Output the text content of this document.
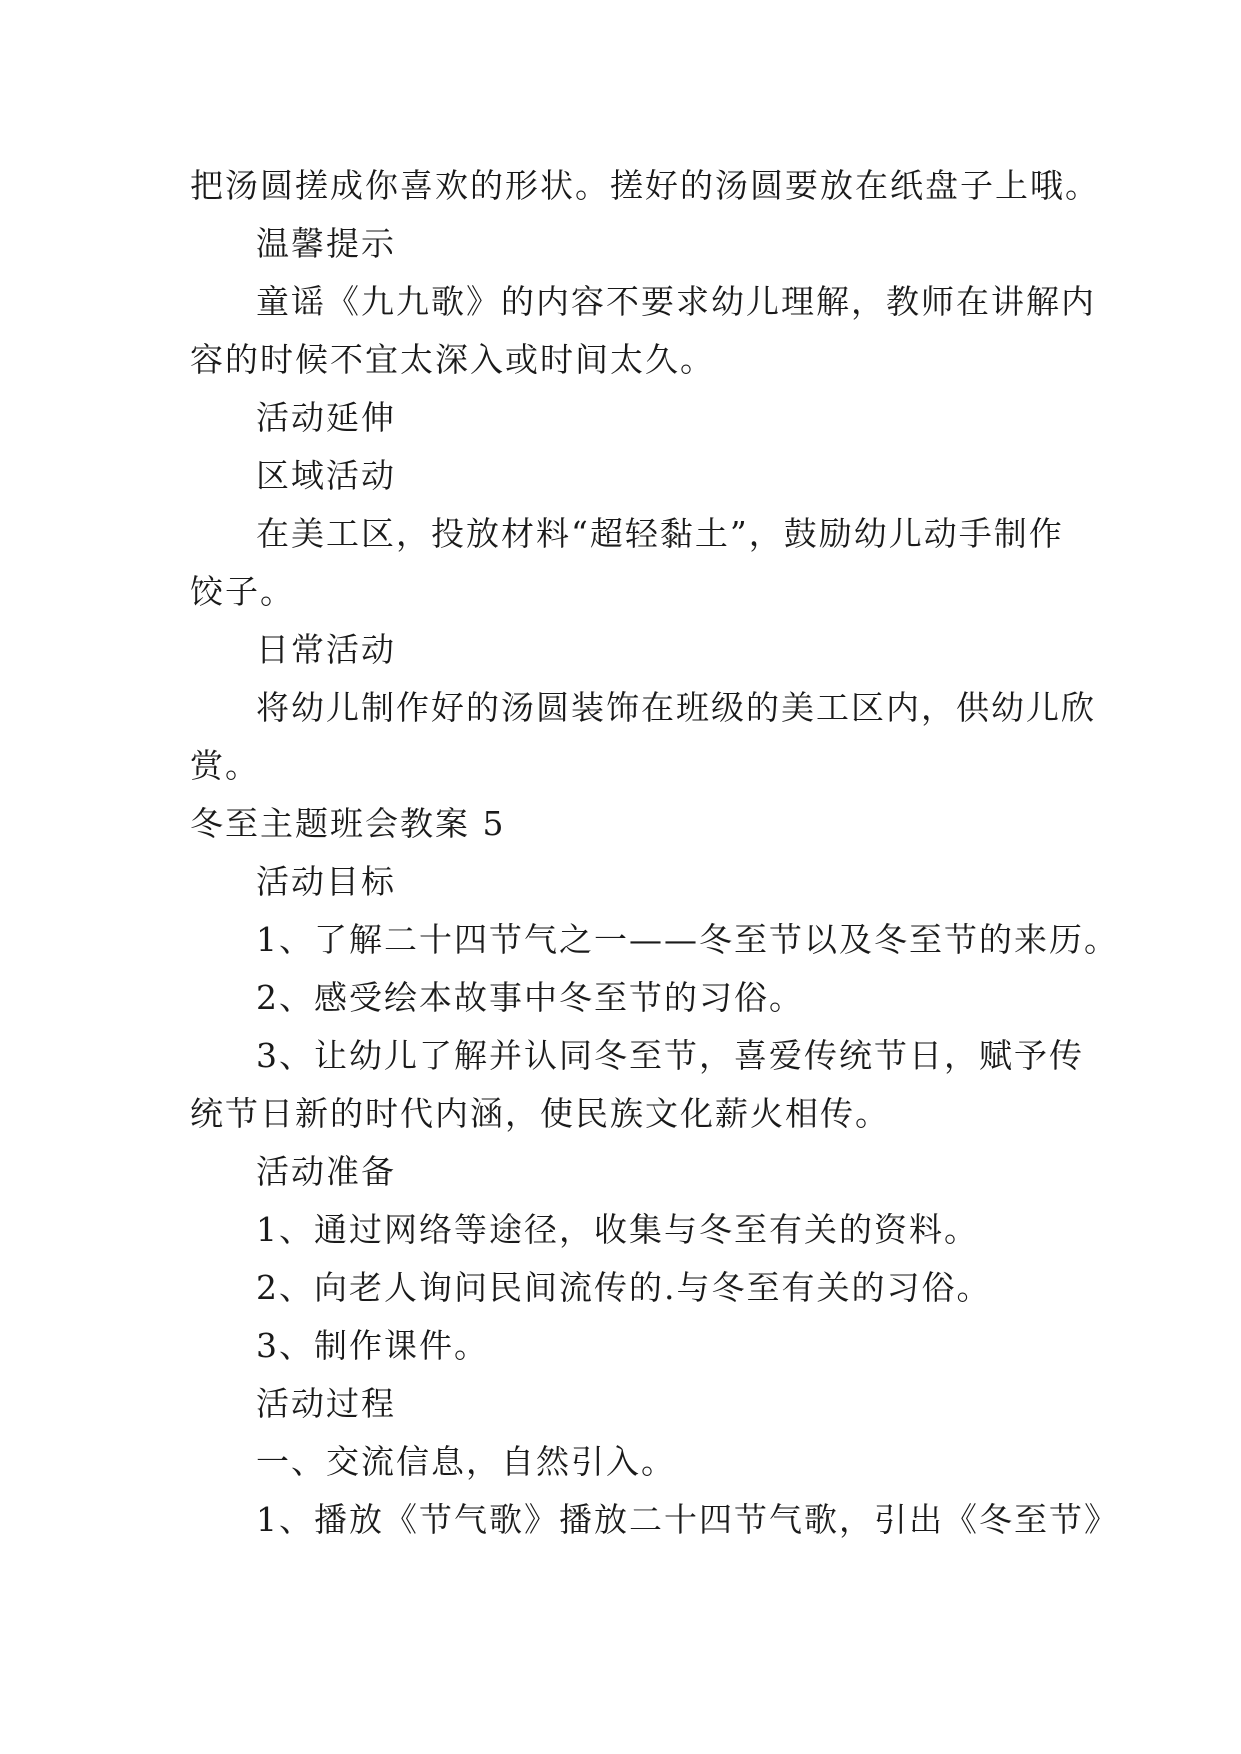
把汤圆搓成你喜欢的形状。搓好的汤圆要放在纸盘子上哦。
温馨提示
童谣《九九歌》的内容不要求幼儿理解，教师在讲解内
容的时候不宜太深入或时间太久。
活动延伸
区域活动
在美工区，投放材料“超轻黏土”，鼓励幼儿动手制作
饺子。
日常活动
将幼儿制作好的汤圆装饰在班级的美工区内，供幼儿欣
赏。
冬至主题班会教案 5
活动目标
1、了解二十四节气之一——冬至节以及冬至节的来历。
2、感受绘本故事中冬至节的习俗。
3、让幼儿了解并认同冬至节，喜爱传统节日，赋予传
统节日新的时代内涵，使民族文化薪火相传。
活动准备
1、通过网络等途径，收集与冬至有关的资料。
2、向老人询问民间流传的.与冬至有关的习俗。
3、制作课件。
活动过程
一、交流信息，自然引入。
1、播放《节气歌》播放二十四节气歌，引出《冬至节》
